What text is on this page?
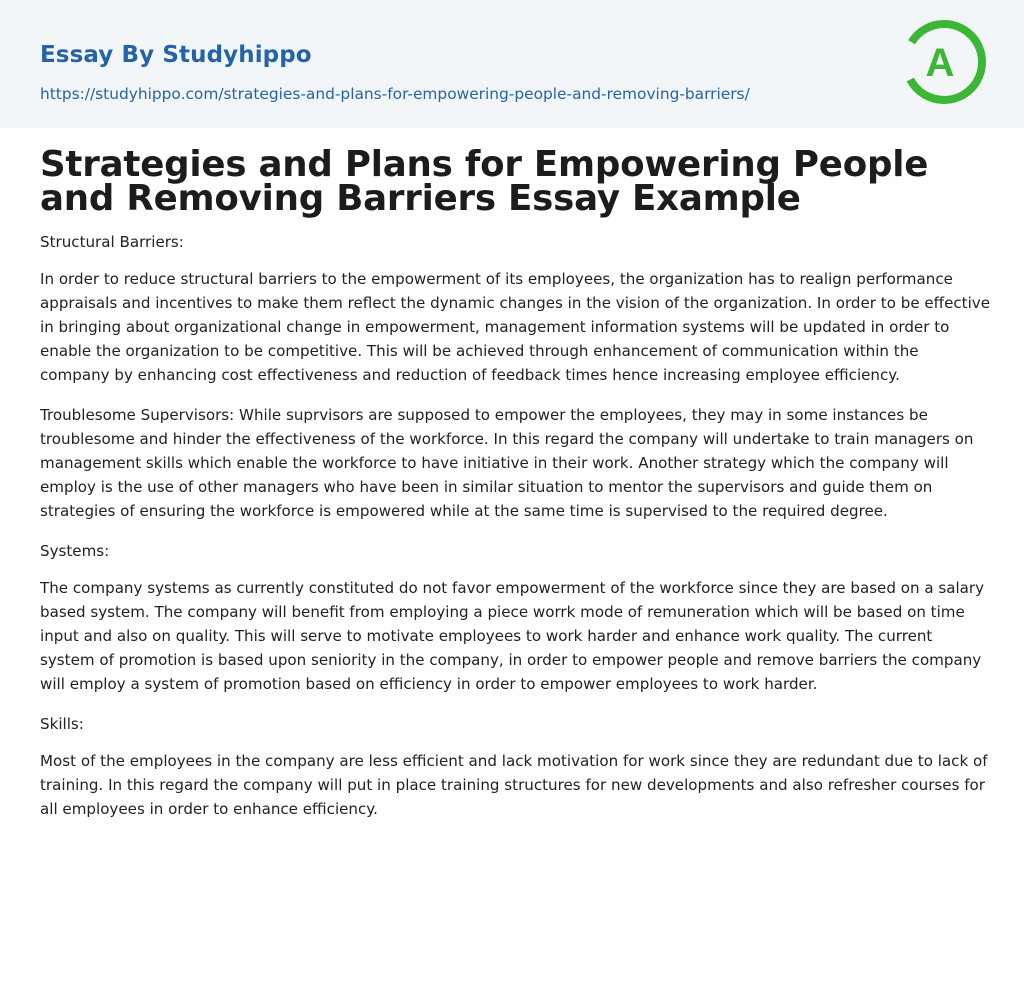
Essay By Studyhippo
https://studyhippo.com/strategies-and-plans-for-empowering-people-and-removing-barriers/
A
Strategies and Plans for Empowering People and Removing Barriers Essay Example

Structural Barriers:

In order to reduce structural barriers to the empowerment of its employees, the organization has to realign performance appraisals and incentives to make them reflect the dynamic changes in the vision of the organization. In order to be effective in bringing about organizational change in empowerment, management information systems will be updated in order to enable the organization to be competitive. This will be achieved through enhancement of communication within the company by enhancing cost effectiveness and reduction of feedback times hence increasing employee efficiency.

Troublesome Supervisors: While suprvisors are supposed to empower the employees, they may in some instances be troublesome and hinder the effectiveness of the workforce. In this regard the company will undertake to train managers on management skills which enable the workforce to have initiative in their work. Another strategy which the company will employ is the use of other managers who have been in similar situation to mentor the supervisors and guide them on strategies of ensuring the workforce is empowered while at the same time is supervised to the required degree.

Systems:

The company systems as currently constituted do not favor empowerment of the workforce since they are based on a salary based system. The company will benefit from employing a piece worrk mode of remuneration which will be based on time input and also on quality. This will serve to motivate employees to work harder and enhance work quality. The current system of promotion is based upon seniority in the company, in order to empower people and remove barriers the company will employ a system of promotion based on efficiency in order to empower employees to work harder.

Skills:

Most of the employees in the company are less efficient and lack motivation for work since they are redundant due to lack of training. In this regard the company will put in place training structures for new developments and also refresher courses for all employees in order to enhance efficiency.
